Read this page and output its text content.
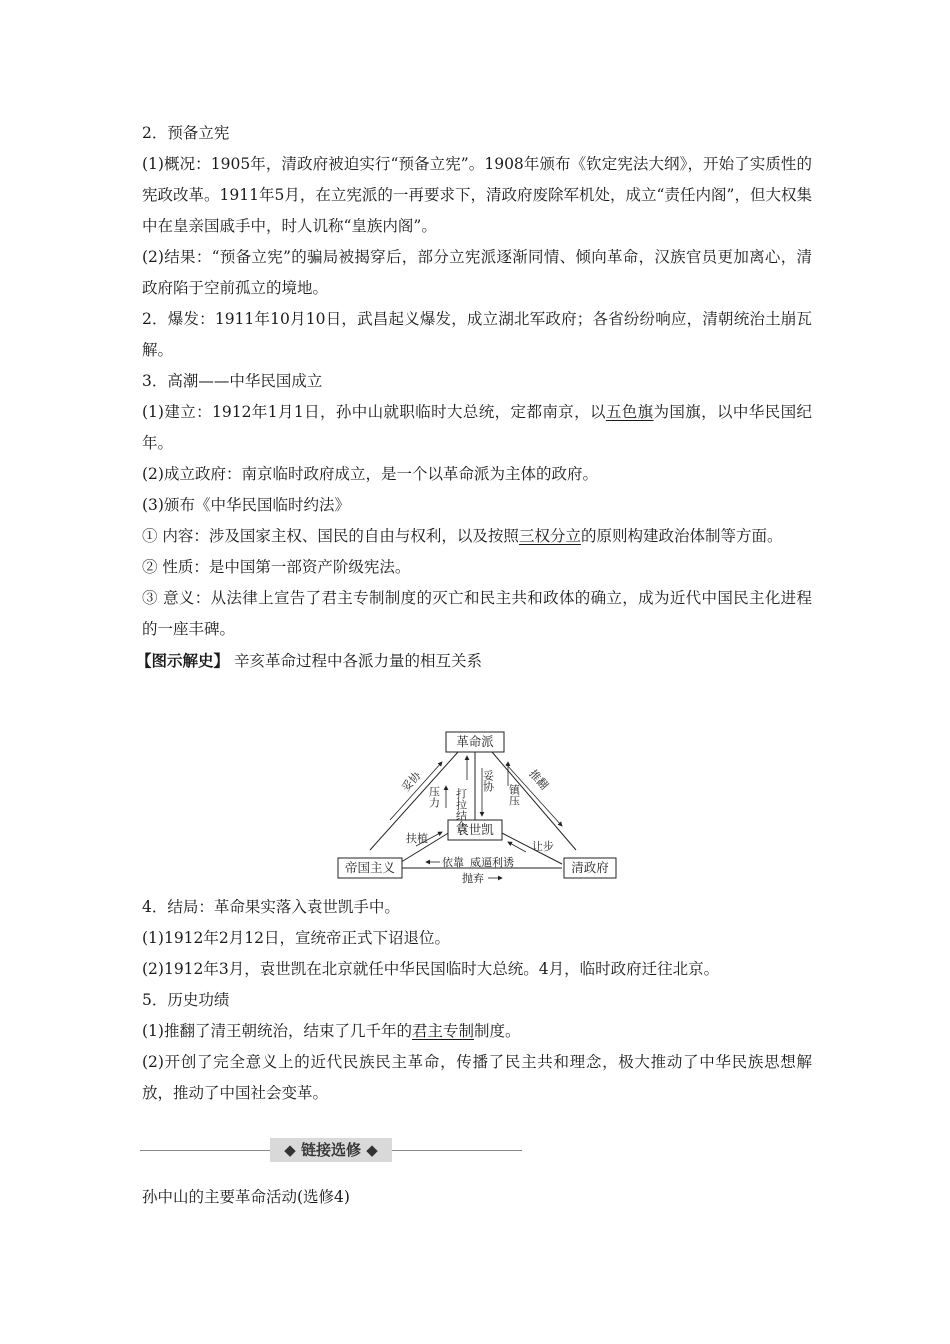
2．预备立宪

(1)概况：1905年，清政府被迫实行“预备立宪”。1908年颁布《钦定宪法大纲》，开始了实质性的宪政改革。1911年5月，在立宪派的一再要求下，清政府废除军机处，成立“责任内阁”，但大权集中在皇亲国戚手中，时人讥称“皇族内阁”。

(2)结果：“预备立宪”的骗局被揭穿后，部分立宪派逐渐同情、倾向革命，汉族官员更加离心，清政府陷于空前孤立的境地。

2．爆发：1911年10月10日，武昌起义爆发，成立湖北军政府；各省纷纷响应，清朝统治土崩瓦解。

3．高潮——中华民国成立

(1)建立：1912年1月1日，孙中山就职临时大总统，定都南京，以五色旗为国旗，以中华民国纪年。

(2)成立政府：南京临时政府成立，是一个以革命派为主体的政府。

(3)颁布《中华民国临时约法》

① 内容：涉及国家主权、国民的自由与权利，以及按照三权分立的原则构建政治体制等方面。

② 性质：是中国第一部资产阶级宪法。

③ 意义：从法律上宣告了君主专制制度的灭亡和民主共和政体的确立，成为近代中国民主化进程的一座丰碑。

【图示解史】 辛亥革命过程中各派力量的相互关系

革命派
袁世凯
帝国主义	清政府
妥协	推翻
打拉结合
妥协
压力	镇压
扶植
让步
依靠 威逼利诱
抛弃

4．结局：革命果实落入袁世凯手中。

(1)1912年2月12日，宣统帝正式下诏退位。

(2)1912年3月，袁世凯在北京就任中华民国临时大总统。4月，临时政府迁往北京。

5．历史功绩

(1)推翻了清王朝统治，结束了几千年的君主专制制度。

(2)开创了完全意义上的近代民族民主革命，传播了民主共和理念，极大推动了中华民族思想解放，推动了中国社会变革。

◆ 链接选修 ◆

孙中山的主要革命活动(选修4)
